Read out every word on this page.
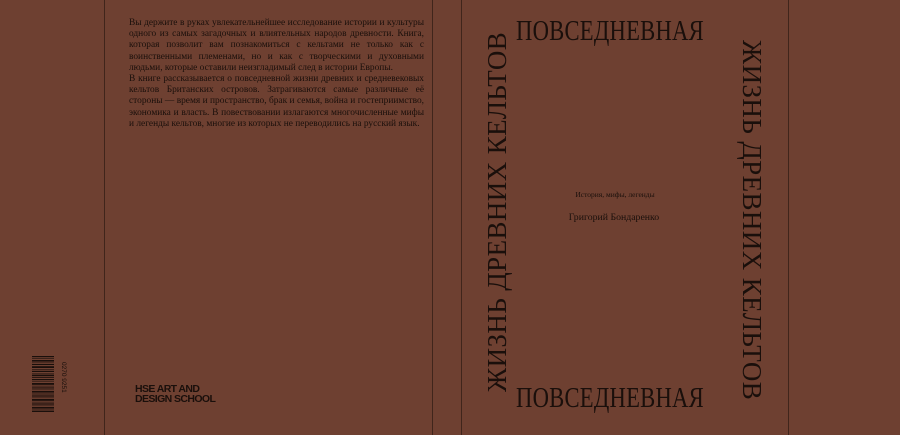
Вы держите в руках увлекательнейшее исследование истории и культуры одного из самых загадочных и влиятельных народов древности. Книга, которая позволит вам познакомиться с кельтами не только как с воинственными племенами, но и как с творческими и духовными людьми, которые оставили неизгладимый след в истории Европы.

В книге рассказывается о повседневной жизни древних и средневековых кельтов Британских островов. Затрагиваются самые различные её стороны — время и пространство, брак и семья, война и гостеприимство, экономика и власть. В повествовании излагаются многочисленные мифы и легенды кельтов, многие из которых не переводились на русский язык.

0270 9251	HSE ART AND
DESIGN SCHOOL
ЖИЗНЬ ДРЕВНИХ КЕЛЬТОВ
ПОВСЕДНЕВНАЯ
ЖИЗНЬ ДРЕВНИХ КЕЛЬТОВ
История, мифы, легенды
Григорий Бондаренко
ПОВСЕДНЕВНАЯ
